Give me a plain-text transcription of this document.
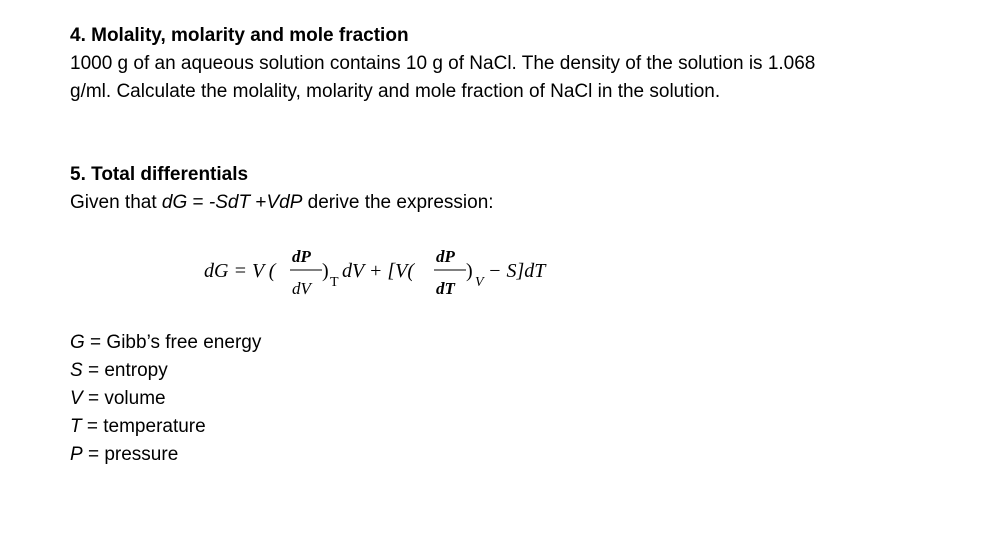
4. Molality, molarity and mole fraction
1000 g of an aqueous solution contains 10 g of NaCl. The density of the solution is 1.068
g/ml. Calculate the molality, molarity and mole fraction of NaCl in the solution.
5. Total differentials
Given that dG = -SdT +VdP derive the expression:
dG = V (
dP
dV
)
T
dV + [V(
dP
dT
)
V
− S]dT
G = Gibb’s free energy
S = entropy
V = volume
T = temperature
P = pressure
